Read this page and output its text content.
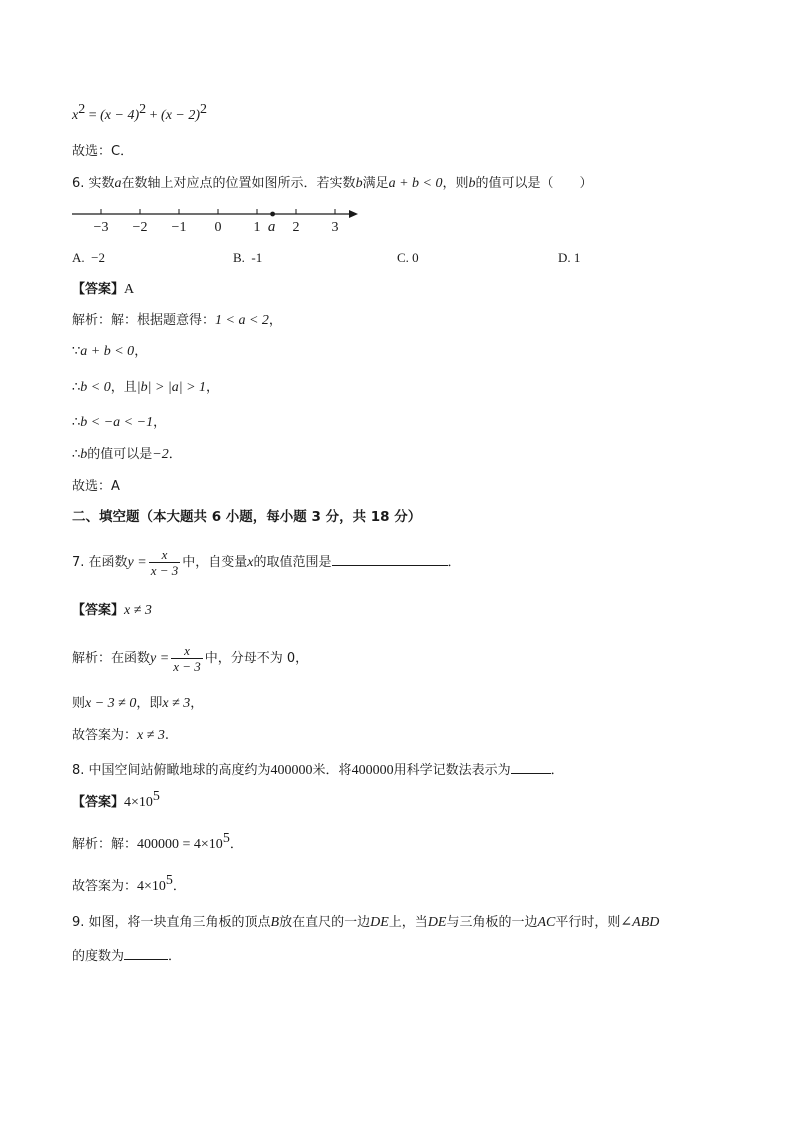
$x^2 = (x - 4)^2 + (x - 2)^2$
故选：C．
6. 实数a在数轴上对应点的位置如图所示．若实数b满足a + b < 0，则b的值可以是（　　）
−3 −2 −1 0 1 2 3
a
A. −2	B. -1	C. 0	D. 1
【答案】A
解析：解：根据题意得：1 < a < 2，
∵a + b < 0，
∴b < 0，且|b| > |a| > 1，
∴b < −a < −1，
∴b的值可以是−2．
故选：A
二、填空题（本大题共 6 小题，每小题 3 分，共 18 分）
7. 在函数$y = \frac{x}{x - 3}$ 中，自变量x的取值范围是	．
【答案】x ≠ 3
解析：在函数$y = \frac{x}{x - 3}$ 中，分母不为 0，
则x − 3 ≠ 0，即x ≠ 3，
故答案为：x ≠ 3.
8. 中国空间站俯瞰地球的高度约为400000米．将400000用科学记数法表示为	．
【答案】$4\times 10^5$
解析：解：$400000 = 4\times 10^5$．
故答案为：$4\times 10^5$．
9. 如图，将一块直角三角板的顶点B放在直尺的一边DE上，当DE与三角板的一边AC平行时，则∠ABD
的度数为	．
